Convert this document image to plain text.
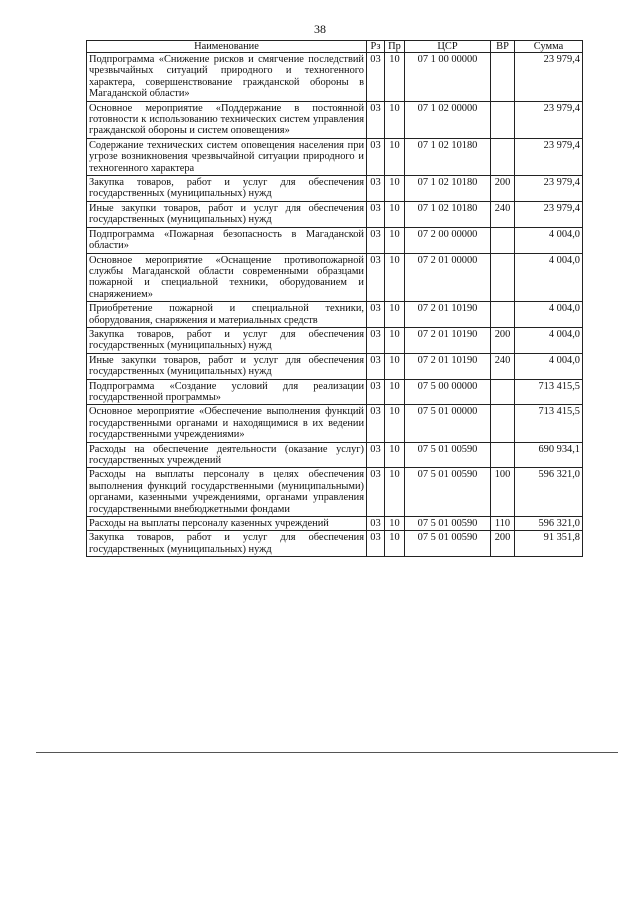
38
Наименование	Рз	Пр	ЦСР	ВР	Сумма
Подпрограмма «Снижение рисков и смягчение последствий чрезвычайных ситуаций природного и техногенного характера, совершенствование гражданской обороны в Магаданской области»	03	10	07 1 00 00000		23 979,4
Основное мероприятие «Поддержание в постоянной готовности к использованию технических систем управления гражданской обороны и систем оповещения»	03	10	07 1 02 00000		23 979,4
Содержание технических систем оповещения населения при угрозе возникновения чрезвычайной ситуации природного и техногенного характера	03	10	07 1 02 10180		23 979,4
Закупка товаров, работ и услуг для обеспечения государственных (муниципальных) нужд	03	10	07 1 02 10180	200	23 979,4
Иные закупки товаров, работ и услуг для обеспечения государственных (муниципальных) нужд	03	10	07 1 02 10180	240	23 979,4
Подпрограмма «Пожарная безопасность в Магаданской области»	03	10	07 2 00 00000		4 004,0
Основное мероприятие «Оснащение противопожарной службы Магаданской области современными образцами пожарной и специальной техники, оборудованием и снаряжением»	03	10	07 2 01 00000		4 004,0
Приобретение пожарной и специальной техники, оборудования, снаряжения и материальных средств	03	10	07 2 01 10190		4 004,0
Закупка товаров, работ и услуг для обеспечения государственных (муниципальных) нужд	03	10	07 2 01 10190	200	4 004,0
Иные закупки товаров, работ и услуг для обеспечения государственных (муниципальных) нужд	03	10	07 2 01 10190	240	4 004,0
Подпрограмма «Создание условий для реализации государственной программы»	03	10	07 5 00 00000		713 415,5
Основное мероприятие «Обеспечение выполнения функций государственными органами и находящимися в их ведении государственными учреждениями»	03	10	07 5 01 00000		713 415,5
Расходы на обеспечение деятельности (оказание услуг) государственных учреждений	03	10	07 5 01 00590		690 934,1
Расходы на выплаты персоналу в целях обеспечения выполнения функций государственными (муниципальными) органами, казенными учреждениями, органами управления государственными внебюджетными фондами	03	10	07 5 01 00590	100	596 321,0
Расходы на выплаты персоналу казенных учреждений	03	10	07 5 01 00590	110	596 321,0
Закупка товаров, работ и услуг для обеспечения государственных (муниципальных) нужд	03	10	07 5 01 00590	200	91 351,8
